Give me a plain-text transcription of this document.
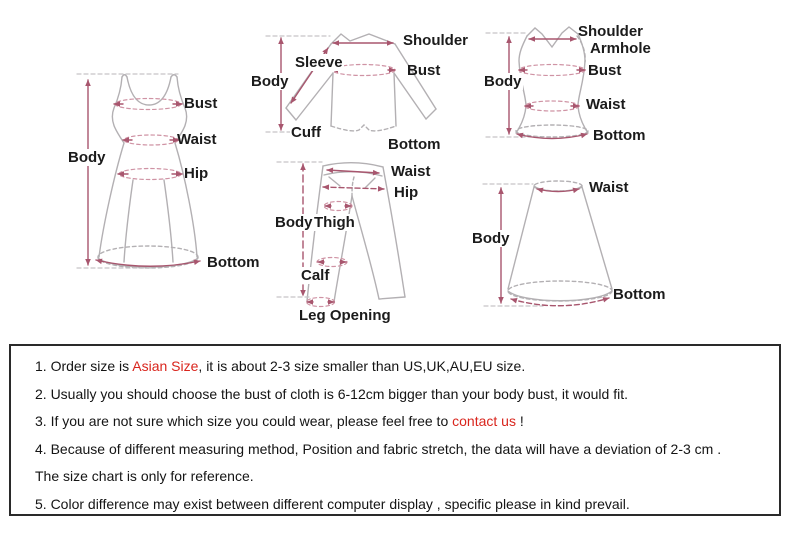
Bust
Waist
Hip
Body
Bottom
Shoulder
Sleeve
Body
Bust
Cuff
Bottom
Shoulder
Armhole
Bust
Body
Waist
Bottom
Waist
Hip
Body Thigh
Calf
Leg Opening
Waist
Body
Bottom

1. Order size is Asian Size, it is about 2-3 size smaller than US,UK,AU,EU size.

2. Usually you should choose the bust of cloth is 6-12cm bigger than your body bust, it would fit.

3. If you are not sure which size you could wear, please feel free to contact us !

4. Because of different measuring method, Position and fabric stretch, the data will have a deviation of 2-3 cm .

The size chart is only for reference.

5. Color difference may exist between different computer display , specific please in kind prevail.
